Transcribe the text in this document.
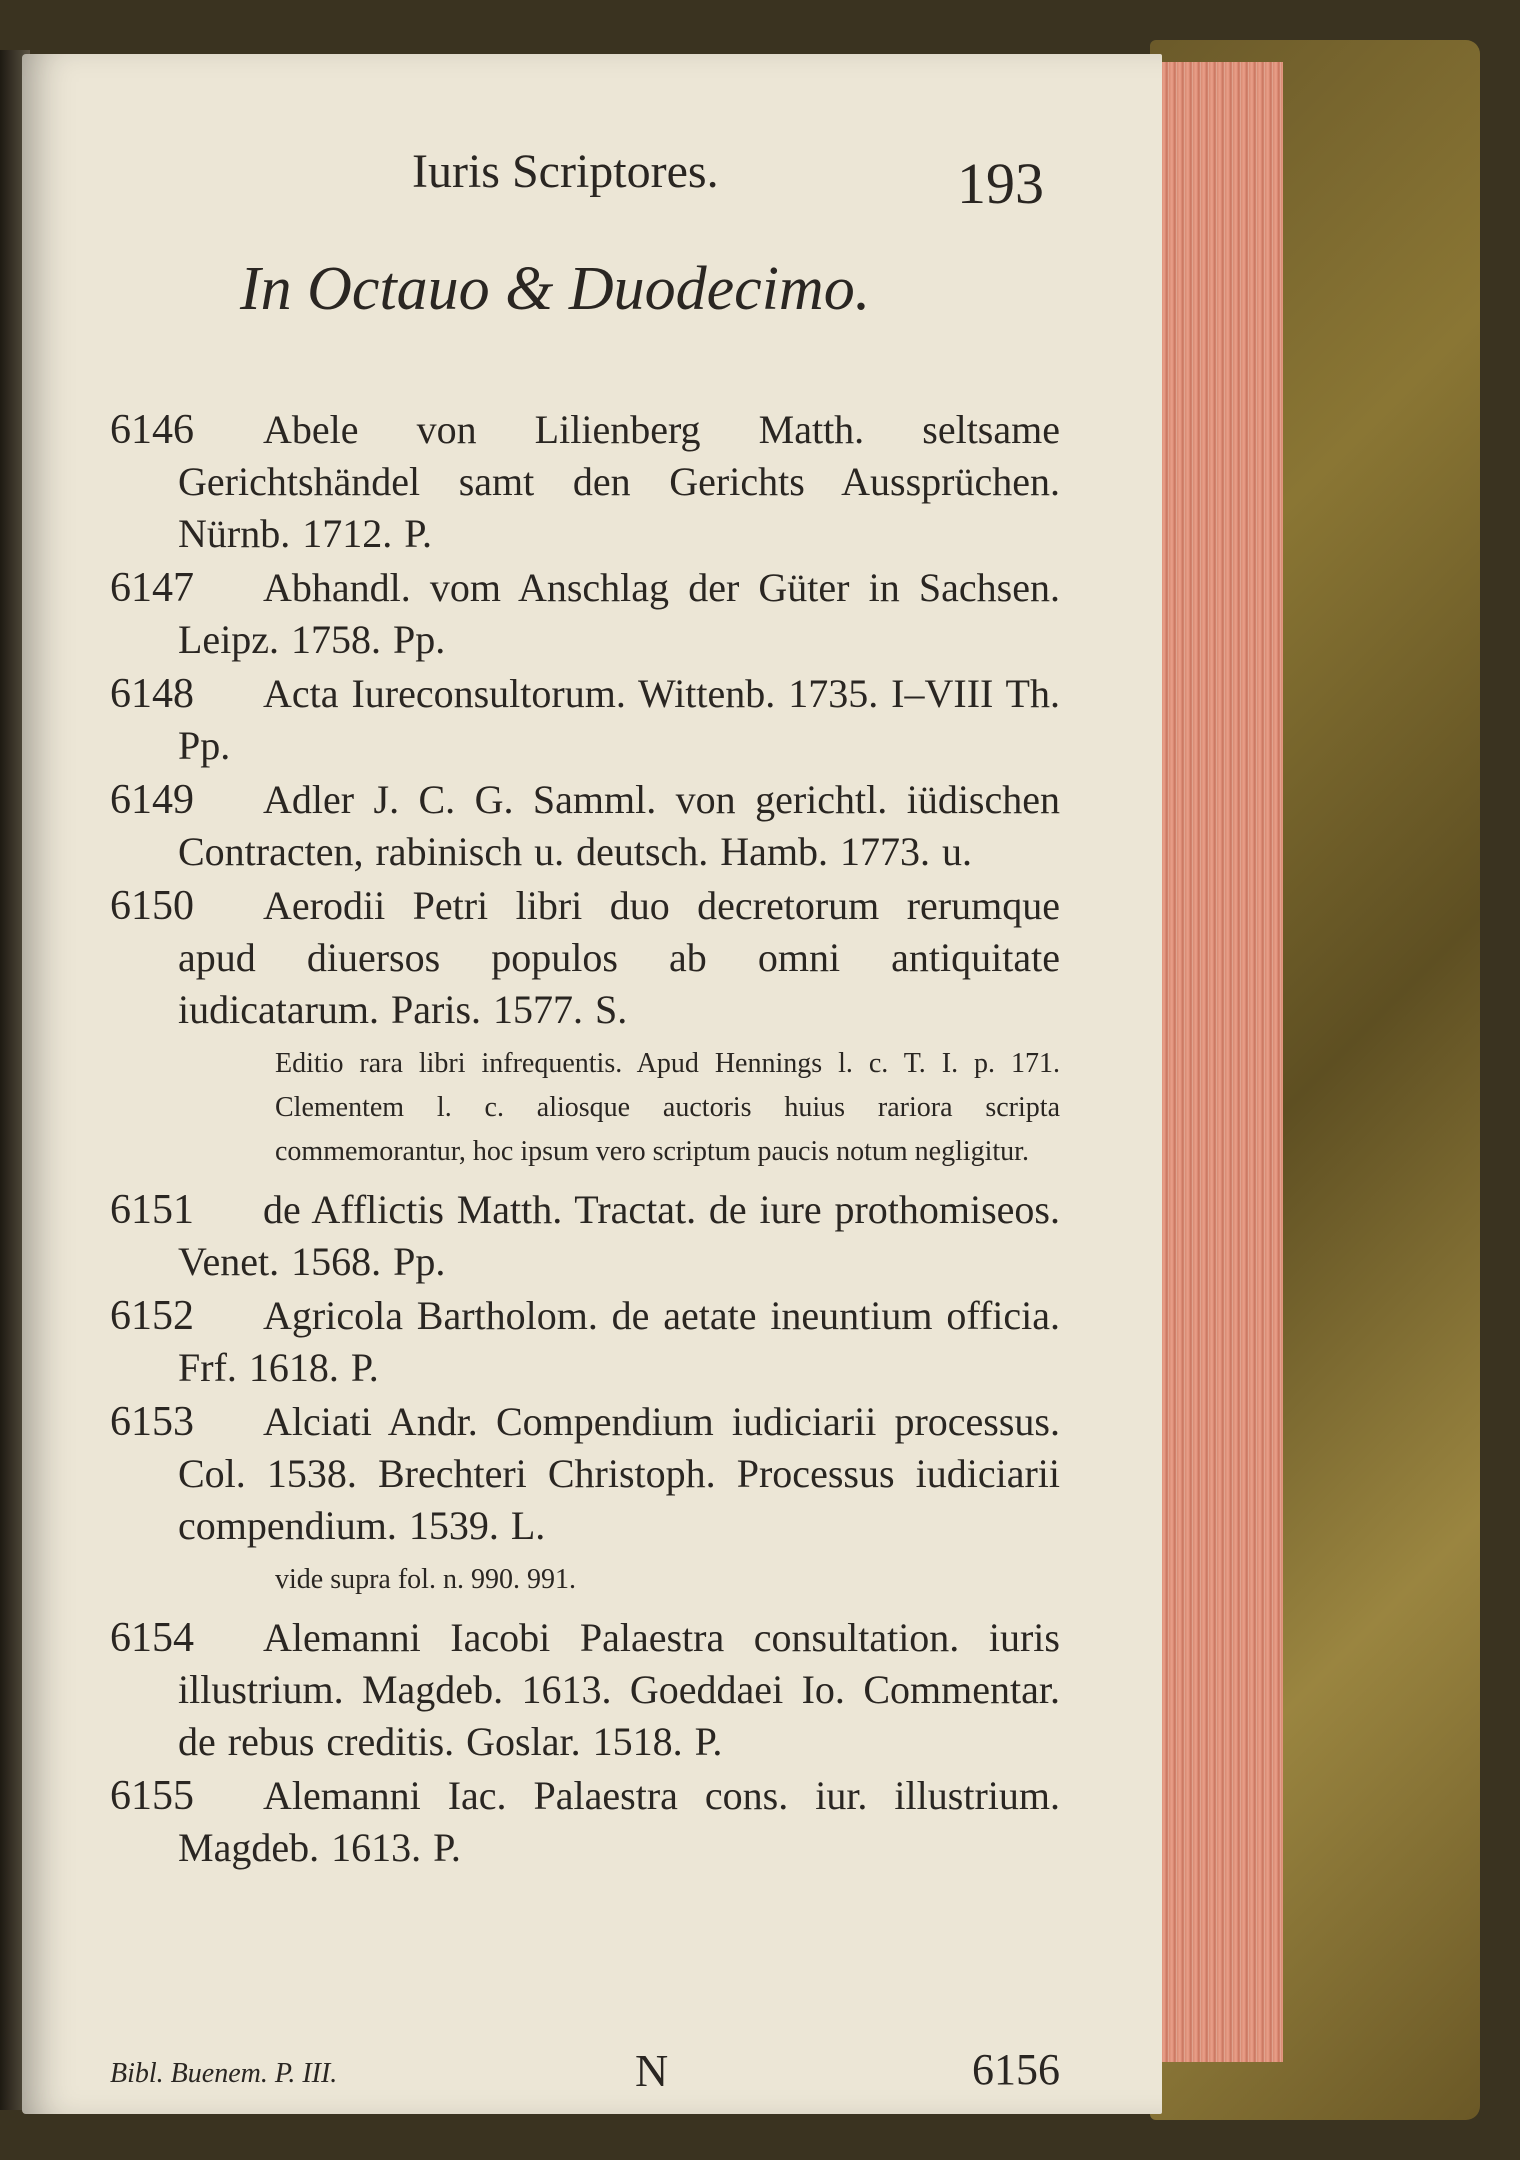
Iuris Scriptores.	193
In Octauo & Duodecimo.
6146	Abele von Lilienberg Matth. seltsame Gerichtshändel samt den Gerichts Aussprüchen. Nürnb. 1712. P.
6147	Abhandl. vom Anschlag der Güter in Sachsen. Leipz. 1758. Pp.
6148	Acta Iureconsultorum. Wittenb. 1735. I–VIII Th. Pp.
6149	Adler J. C. G. Samml. von gerichtl. iüdischen Contracten, rabinisch u. deutsch. Hamb. 1773. u.
6150	Aerodii Petri libri duo decretorum rerumque apud diuersos populos ab omni antiquitate iudicatarum. Paris. 1577. S.
Editio rara libri infrequentis. Apud Hennings l. c. T. I. p. 171. Clementem l. c. aliosque auctoris huius rariora scripta commemorantur, hoc ipsum vero scriptum paucis notum negligitur.
6151	de Afflictis Matth. Tractat. de iure prothomiseos. Venet. 1568. Pp.
6152	Agricola Bartholom. de aetate ineuntium officia. Frf. 1618. P.
6153	Alciati Andr. Compendium iudiciarii processus. Col. 1538. Brechteri Christoph. Processus iudiciarii compendium. 1539. L.
vide supra fol. n. 990. 991.
6154	Alemanni Iacobi Palaestra consultation. iuris illustrium. Magdeb. 1613. Goeddaei Io. Commentar. de rebus creditis. Goslar. 1518. P.
6155	Alemanni Iac. Palaestra cons. iur. illustrium. Magdeb. 1613. P.
Bibl. Buenem. P. III.	N	6156
